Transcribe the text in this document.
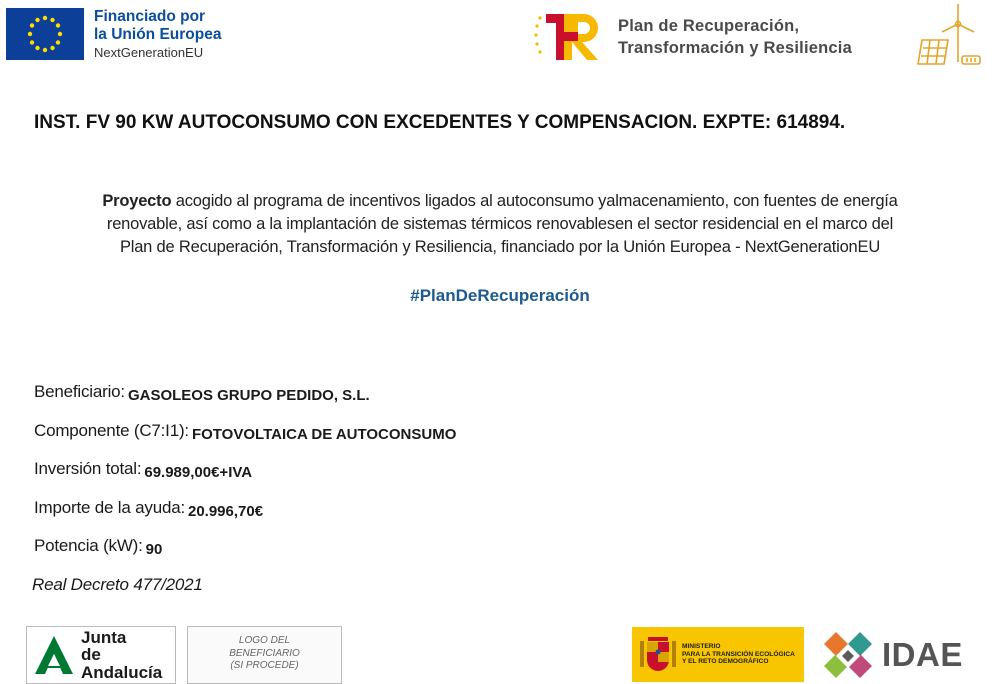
Financiado por
la Unión Europea
NextGenerationEU
Plan de Recuperación,
Transformación y Resiliencia
INST. FV 90 KW AUTOCONSUMO CON EXCEDENTES Y COMPENSACION. EXPTE: 614894.
Proyecto acogido al programa de incentivos ligados al autoconsumo yalmacenamiento, con fuentes de energía
renovable, así como a la implantación de sistemas térmicos renovablesen el sector residencial en el marco del
Plan de Recuperación, Transformación y Resiliencia, financiado por la Unión Europea - NextGenerationEU
#PlanDeRecuperación
Beneficiario: GASOLEOS GRUPO PEDIDO, S.L.
Componente (C7:I1): FOTOVOLTAICA DE AUTOCONSUMO
Inversión total: 69.989,00€+IVA
Importe de la ayuda: 20.996,70€
Potencia (kW): 90
Real Decreto 477/2021
Junta
de Andalucía
LOGO DEL
BENEFICIARIO
(SI PROCEDE)
MINISTERIO
PARA LA TRANSICIÓN ECOLÓGICA
Y EL RETO DEMOGRÁFICO	IDAE
